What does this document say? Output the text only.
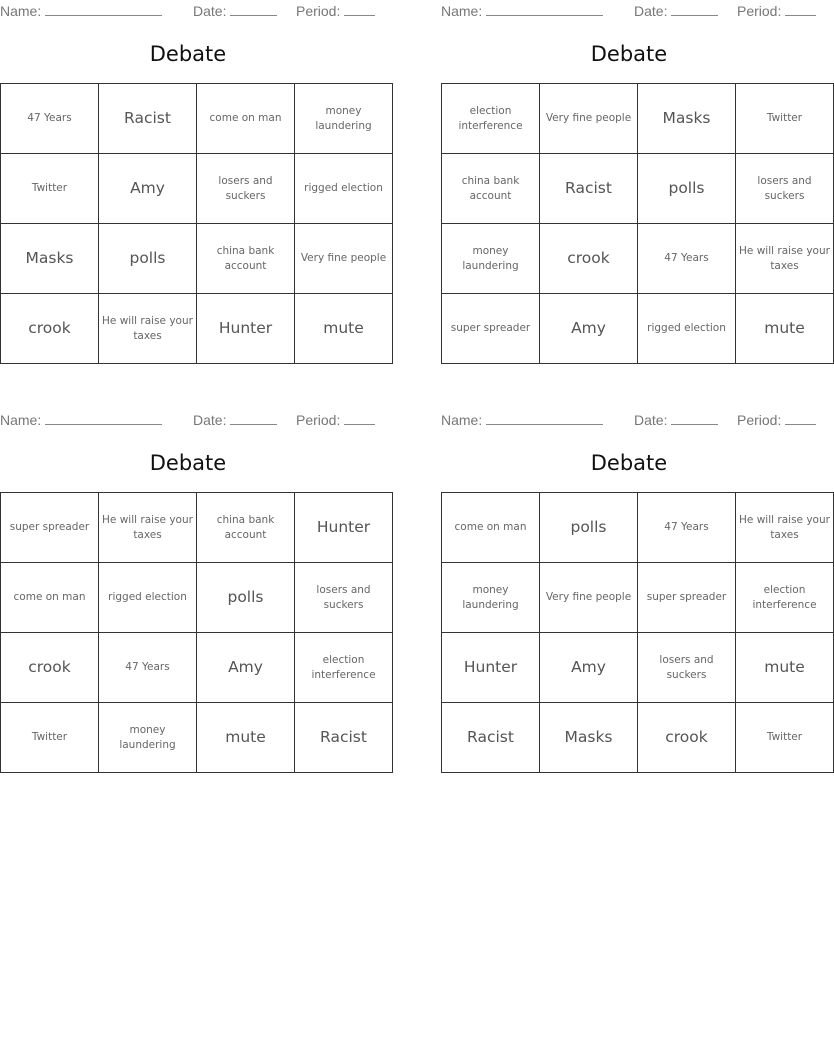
Name:	Date:	Period:
Debate
47 Years	Racist	come on man	money laundering
Twitter	Amy	losers and suckers	rigged election
Masks	polls	china bank account	Very fine people
crook	He will raise your taxes	Hunter	mute
Name:	Date:	Period:
Debate
election interference	Very fine people	Masks	Twitter
china bank account	Racist	polls	losers and suckers
money laundering	crook	47 Years	He will raise your taxes
super spreader	Amy	rigged election	mute
Name:	Date:	Period:
Debate
super spreader	He will raise your taxes	china bank account	Hunter
come on man	rigged election	polls	losers and suckers
crook	47 Years	Amy	election interference
Twitter	money laundering	mute	Racist
Name:	Date:	Period:
Debate
come on man	polls	47 Years	He will raise your taxes
money laundering	Very fine people	super spreader	election interference
Hunter	Amy	losers and suckers	mute
Racist	Masks	crook	Twitter
